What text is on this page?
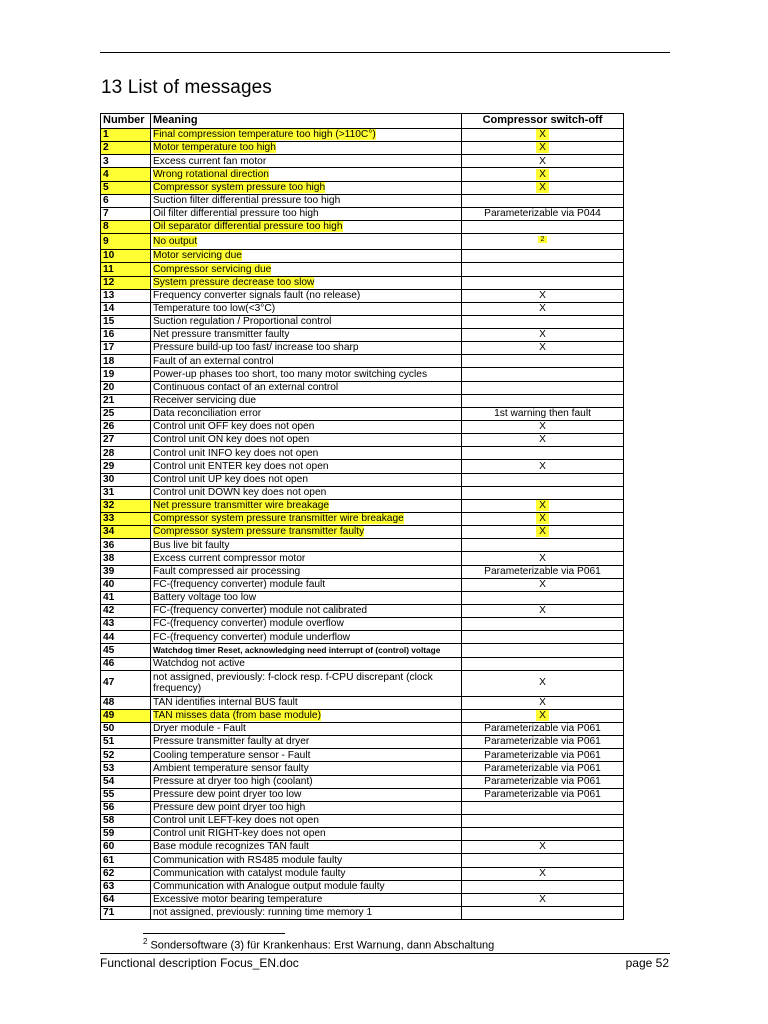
13 List of messages
Number	Meaning	Compressor switch-off
1	Final compression temperature too high (>110C°)	X
2	Motor temperature too high	X
3	Excess current fan motor	X
4	Wrong rotational direction	X
5	Compressor system pressure too high	X
6	Suction filter differential pressure too high	
7	Oil filter differential pressure too high	Parameterizable via P044
8	Oil separator differential pressure too high	
9	No output	$^2$
10	Motor servicing due	
11	Compressor servicing due	
12	System pressure decrease too slow	
13	Frequency converter signals fault (no release)	X
14	Temperature too low(<3°C)	X
15	Suction regulation / Proportional control	
16	Net pressure transmitter faulty	X
17	Pressure build-up too fast/ increase too sharp	X
18	Fault of an external control	
19	Power-up phases too short, too many motor switching cycles	
20	Continuous contact of an external control	
21	Receiver servicing due	
25	Data reconciliation error	1st warning then fault
26	Control unit OFF key does not open	X
27	Control unit ON key does not open	X
28	Control unit INFO key does not open	
29	Control unit ENTER key does not open	X
30	Control unit UP key does not open	
31	Control unit DOWN key does not open	
32	Net pressure transmitter wire breakage	X
33	Compressor system pressure transmitter wire breakage	X
34	Compressor system pressure transmitter faulty	X
36	Bus live bit faulty	
38	Excess current compressor motor	X
39	Fault compressed air processing	Parameterizable via P061
40	FC-(frequency converter) module fault	X
41	Battery voltage too low	
42	FC-(frequency converter) module not calibrated	X
43	FC-(frequency converter) module overflow	
44	FC-(frequency converter) module underflow	
45	Watchdog timer Reset, acknowledging need interrupt of (control) voltage	
46	Watchdog not active	
47	not assigned, previously: f-clock resp. f-CPU discrepant (clock frequency)	X
48	TAN identifies internal BUS fault	X
49	TAN misses data (from base module)	X
50	Dryer module - Fault	Parameterizable via P061
51	Pressure transmitter faulty at dryer	Parameterizable via P061
52	Cooling temperature sensor - Fault	Parameterizable via P061
53	Ambient temperature sensor faulty	Parameterizable via P061
54	Pressure at dryer too high (coolant)	Parameterizable via P061
55	Pressure dew point dryer too low	Parameterizable via P061
56	Pressure dew point dryer too high	
58	Control unit LEFT-key does not open	
59	Control unit RIGHT-key does not open	
60	Base module recognizes TAN fault	X
61	Communication with RS485 module faulty	
62	Communication with catalyst module faulty	X
63	Communication with Analogue output module faulty	
64	Excessive motor bearing temperature	X
71	not assigned, previously: running time memory 1	
$^2$ Sondersoftware (3) für Krankenhaus: Erst Warnung, dann Abschaltung
Functional description Focus_EN.doc	page 52
